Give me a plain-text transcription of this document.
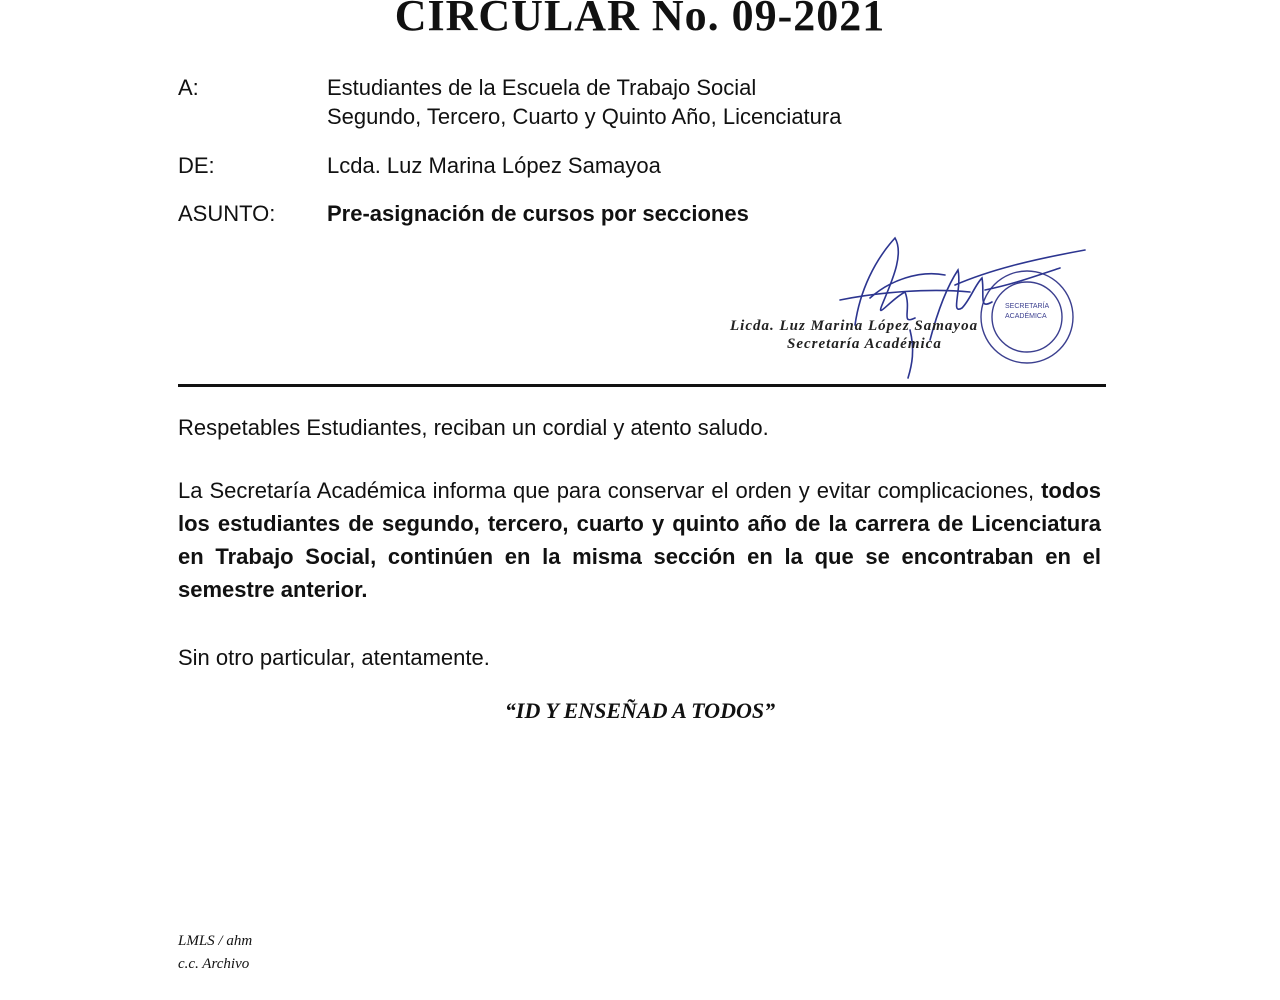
CIRCULAR No. 09-2021
A:	Estudiantes de la Escuela de Trabajo Social
Segundo, Tercero, Cuarto y Quinto Año, Licenciatura
DE:	Lcda. Luz Marina López Samayoa
ASUNTO: Pre-asignación de cursos por secciones
SECRETARÍA
ACADÉMICA
Licda. Luz Marina López Samayoa
Secretaría Académica
Respetables Estudiantes, reciban un cordial y atento saludo.
La Secretaría Académica informa que para conservar el orden y evitar complicaciones, todos los estudiantes de segundo, tercero, cuarto y quinto año de la carrera de Licenciatura en Trabajo Social, continúen en la misma sección en la que se encontraban en el semestre anterior.
Sin otro particular, atentamente.
“ID Y ENSEÑAD A TODOS”
LMLS / ahm
c.c. Archivo
